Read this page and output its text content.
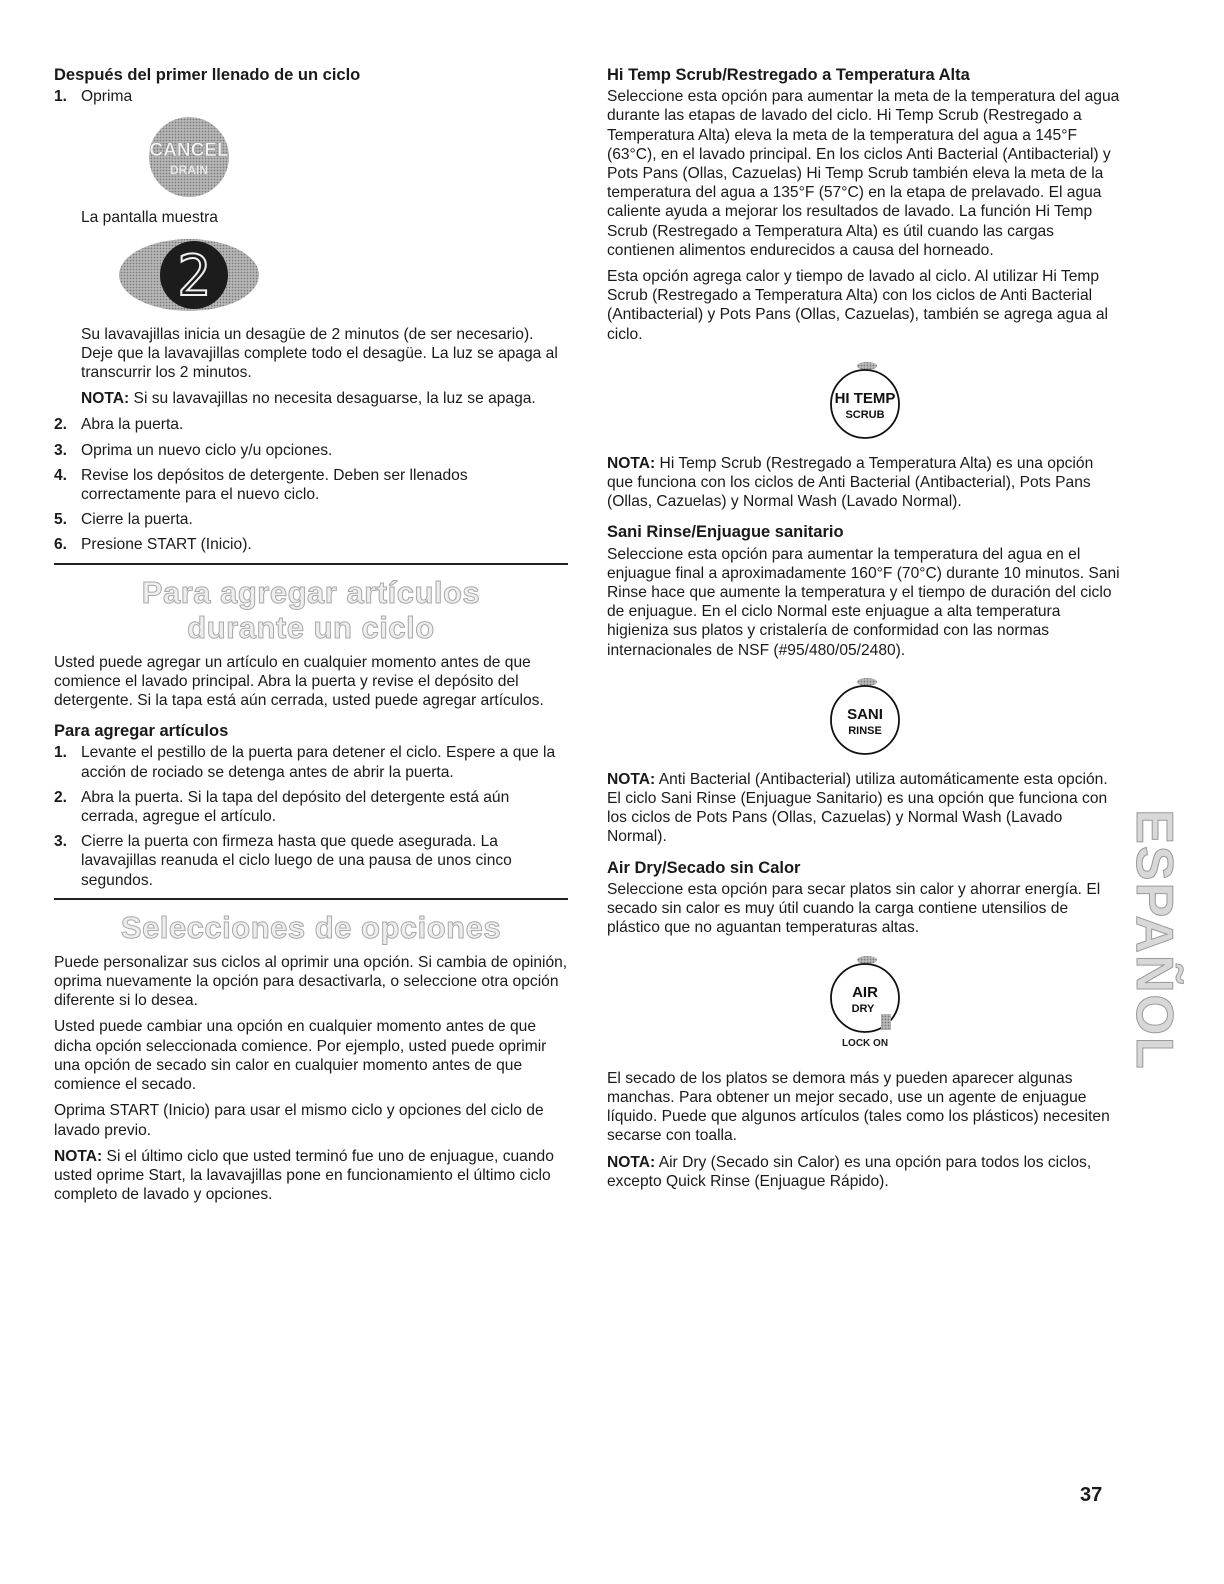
Después del primer llenado de un ciclo
1. Oprima
CANCEL
DRAIN

La pantalla muestra

2

Su lavavajillas inicia un desagüe de 2 minutos (de ser necesario). Deje que la lavavajillas complete todo el desagüe. La luz se apaga al transcurrir los 2 minutos.

NOTA: Si su lavavajillas no necesita desaguarse, la luz se apaga.

2. Abra la puerta.
3. Oprima un nuevo ciclo y/u opciones.
4. Revise los depósitos de detergente. Deben ser llenados correctamente para el nuevo ciclo.
5. Cierre la puerta.
6. Presione START (Inicio).
Para agregar artículos
durante un ciclo

Usted puede agregar un artículo en cualquier momento antes de que comience el lavado principal. Abra la puerta y revise el depósito del detergente. Si la tapa está aún cerrada, usted puede agregar artículos.

Para agregar artículos
1. Levante el pestillo de la puerta para detener el ciclo. Espere a que la acción de rociado se detenga antes de abrir la puerta.
2. Abra la puerta. Si la tapa del depósito del detergente está aún cerrada, agregue el artículo.
3. Cierre la puerta con firmeza hasta que quede asegurada. La lavavajillas reanuda el ciclo luego de una pausa de unos cinco segundos.
Selecciones de opciones

Puede personalizar sus ciclos al oprimir una opción. Si cambia de opinión, oprima nuevamente la opción para desactivarla, o seleccione otra opción diferente si lo desea.

Usted puede cambiar una opción en cualquier momento antes de que dicha opción seleccionada comience. Por ejemplo, usted puede oprimir una opción de secado sin calor en cualquier momento antes de que comience el secado.

Oprima START (Inicio) para usar el mismo ciclo y opciones del ciclo de lavado previo.

NOTA: Si el último ciclo que usted terminó fue uno de enjuague, cuando usted oprime Start, la lavavajillas pone en funcionamiento el último ciclo completo de lavado y opciones.

Hi Temp Scrub/Restregado a Temperatura Alta

Seleccione esta opción para aumentar la meta de la temperatura del agua durante las etapas de lavado del ciclo. Hi Temp Scrub (Restregado a Temperatura Alta) eleva la meta de la temperatura del agua a 145°F (63°C), en el lavado principal. En los ciclos Anti Bacterial (Antibacterial) y Pots Pans (Ollas, Cazuelas) Hi Temp Scrub también eleva la meta de la temperatura del agua a 135°F (57°C) en la etapa de prelavado. El agua caliente ayuda a mejorar los resultados de lavado. La función Hi Temp Scrub (Restregado a Temperatura Alta) es útil cuando las cargas contienen alimentos endurecidos a causa del horneado.

Esta opción agrega calor y tiempo de lavado al ciclo. Al utilizar Hi Temp Scrub (Restregado a Temperatura Alta) con los ciclos de Anti Bacterial (Antibacterial) y Pots Pans (Ollas, Cazuelas), también se agrega agua al ciclo.

HI TEMP
SCRUB

NOTA: Hi Temp Scrub (Restregado a Temperatura Alta) es una opción que funciona con los ciclos de Anti Bacterial (Antibacterial), Pots Pans (Ollas, Cazuelas) y Normal Wash (Lavado Normal).

Sani Rinse/Enjuague sanitario

Seleccione esta opción para aumentar la temperatura del agua en el enjuague final a aproximadamente 160°F (70°C) durante 10 minutos. Sani Rinse hace que aumente la temperatura y el tiempo de duración del ciclo de enjuague. En el ciclo Normal este enjuague a alta temperatura higieniza sus platos y cristalería de conformidad con las normas internacionales de NSF (#95/480/05/2480).

SANI
RINSE

NOTA: Anti Bacterial (Antibacterial) utiliza automáticamente esta opción. El ciclo Sani Rinse (Enjuague Sanitario) es una opción que funciona con los ciclos de Pots Pans (Ollas, Cazuelas) y Normal Wash (Lavado Normal).

Air Dry/Secado sin Calor

Seleccione esta opción para secar platos sin calor y ahorrar energía. El secado sin calor es muy útil cuando la carga contiene utensilios de plástico que no aguantan temperaturas altas.

AIR
DRY
LOCK ON

El secado de los platos se demora más y pueden aparecer algunas manchas. Para obtener un mejor secado, use un agente de enjuague líquido. Puede que algunos artículos (tales como los plásticos) necesiten secarse con toalla.

NOTA: Air Dry (Secado sin Calor) es una opción para todos los ciclos, excepto Quick Rinse (Enjuague Rápido).

ESPAÑOL
37
